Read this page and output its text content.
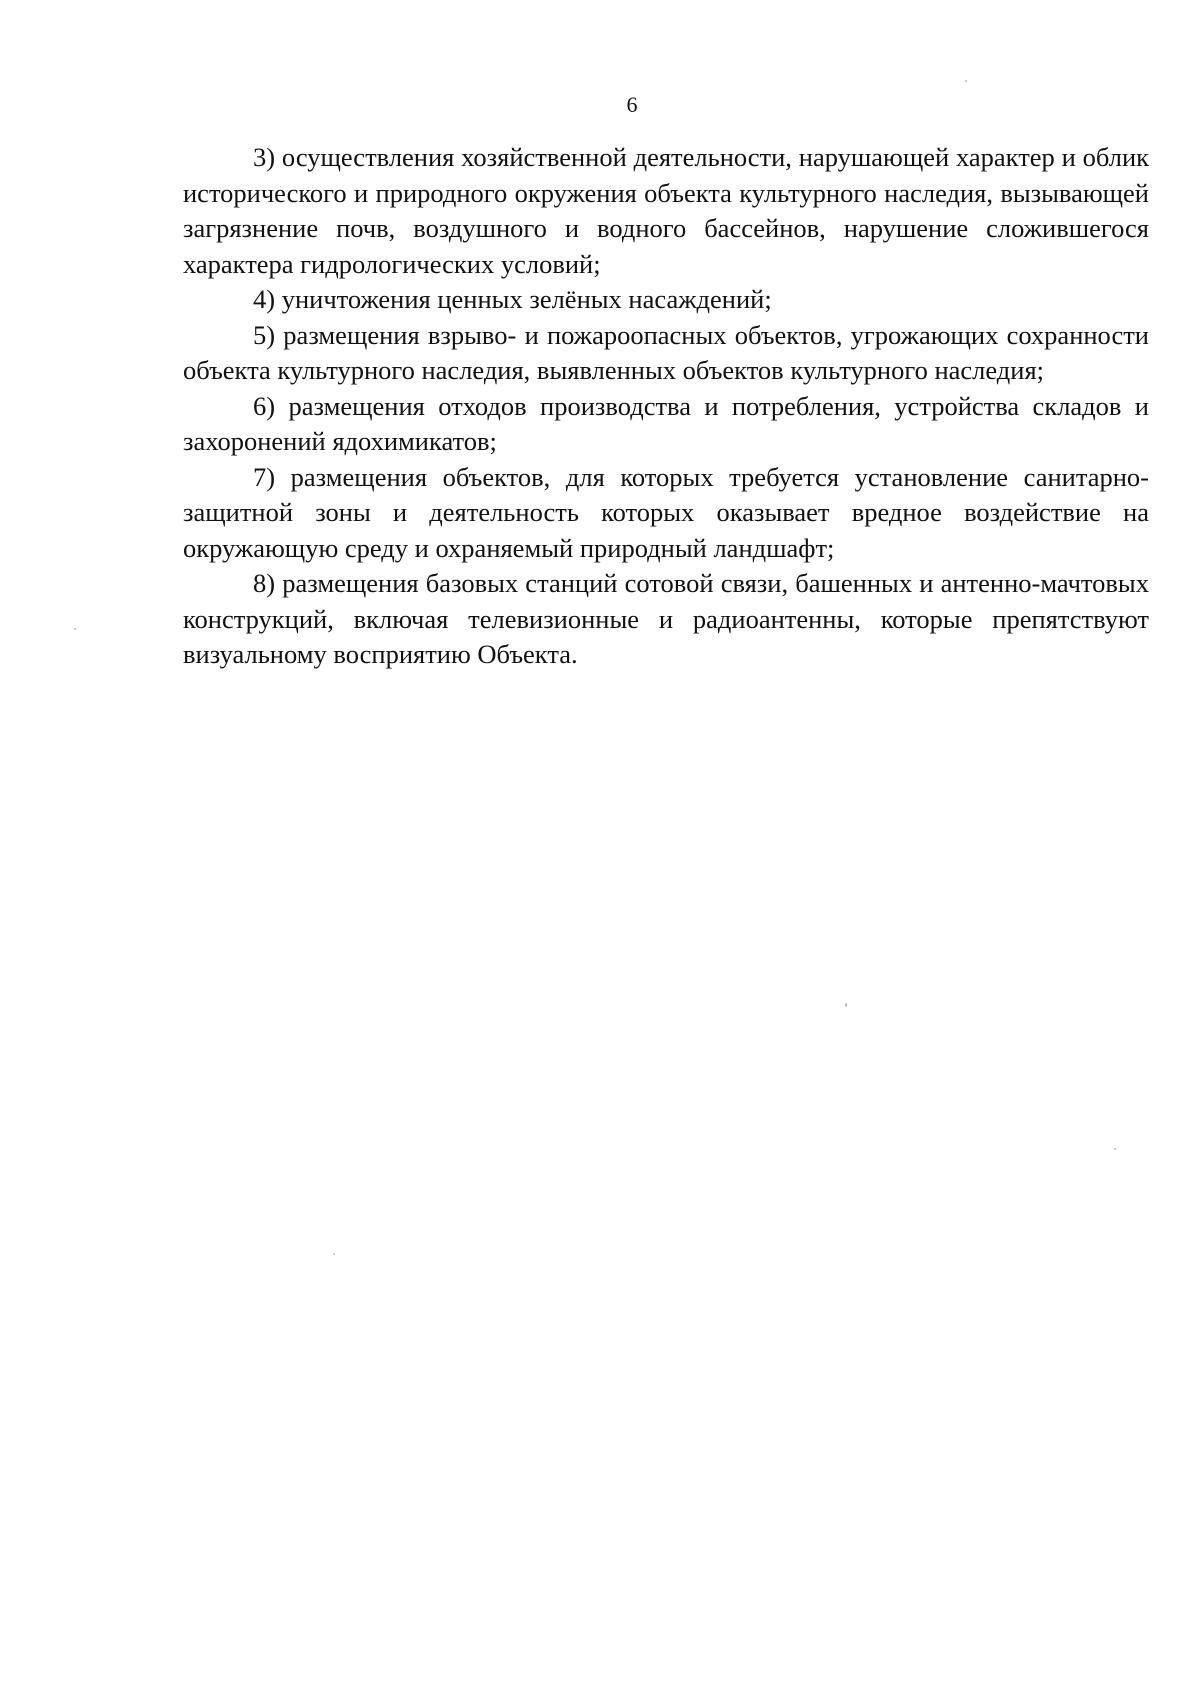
6

3) осуществления хозяйственной деятельности, нарушающей характер и облик исторического и природного окружения объекта культурного наследия, вызывающей загрязнение почв, воздушного и водного бассейнов, нарушение сложившегося характера гидрологических условий;

4) уничтожения ценных зелёных насаждений;

5) размещения взрыво- и пожароопасных объектов, угрожающих сохранности объекта культурного наследия, выявленных объектов культурного наследия;

6) размещения отходов производства и потребления, устройства складов и захоронений ядохимикатов;

7) размещения объектов, для которых требуется установление санитарно-защитной зоны и деятельность которых оказывает вредное воздействие на окружающую среду и охраняемый природный ландшафт;

8) размещения базовых станций сотовой связи, башенных и антенно-мачтовых конструкций, включая телевизионные и радиоантенны, которые препятствуют визуальному восприятию Объекта.
